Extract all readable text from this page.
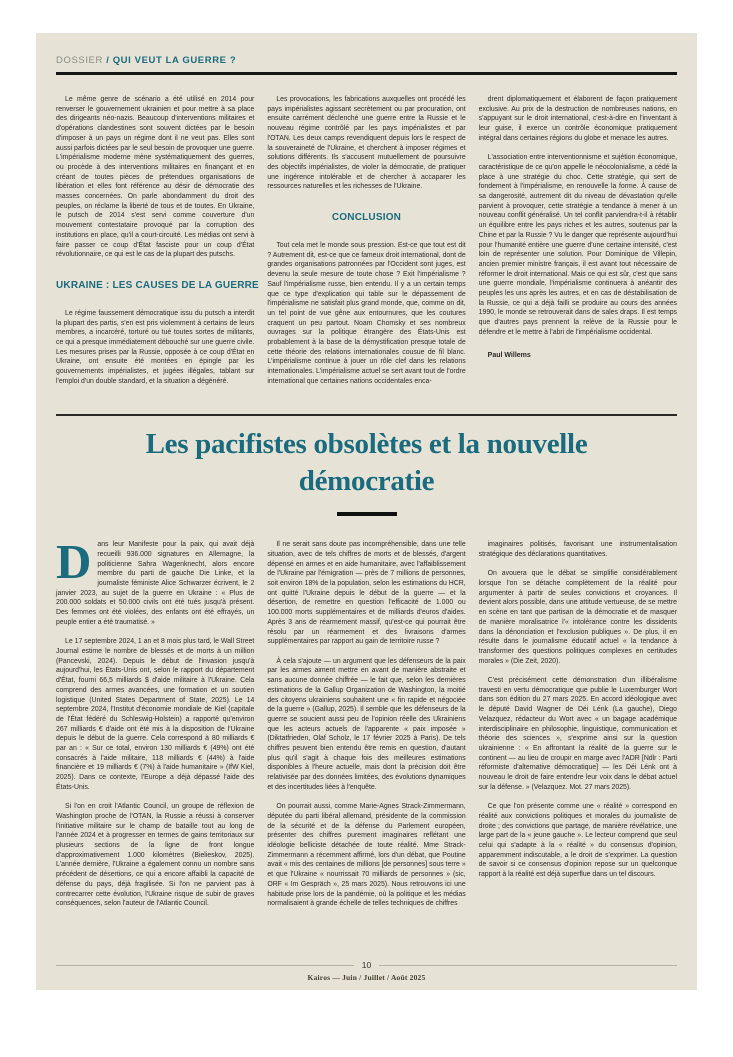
DOSSIER / QUI VEUT LA GUERRE ?

Le même genre de scénario a été utilisé en 2014 pour renverser le gouvernement ukrainien et pour mettre à sa place des dirigeants néo-nazis. Beaucoup d'interventions militaires et d'opérations clandestines sont souvent dictées par le besoin d'imposer à un pays un régime dont il ne veut pas. Elles sont aussi parfois dictées par le seul besoin de provoquer une guerre. L'impérialisme moderne mène systématiquement des guerres, ou procède à des interventions militaires en finançant et en créant de toutes pièces de prétendues organisations de libération et elles font référence au désir de démocratie des masses concernées. On parle abondamment du droit des peuples, on réclame la liberté de tous et de toutes. En Ukraine, le putsch de 2014 s'est servi comme couverture d'un mouvement contestataire provoqué par la corruption des institutions en place, qu'il a court-circuité. Les médias ont servi à faire passer ce coup d'État fasciste pour un coup d'État révolutionnaire, ce qui est le cas de la plupart des putschs.

UKRAINE : LES CAUSES DE LA GUERRE

Le régime faussement démocratique issu du putsch a interdit la plupart des partis, s'en est pris violemment à certains de leurs membres, a incarcéré, torturé ou tué toutes sortes de militants, ce qui a presque immédiatement débouché sur une guerre civile. Les mesures prises par la Russie, opposée à ce coup d'État en Ukraine, ont ensuite été montées en épingle par les gouvernements impérialistes, et jugées illégales, tablant sur l'emploi d'un double standard, et la situation a dégénéré.

Les provocations, les fabrications auxquelles ont procédé les pays impérialistes agissant secrètement ou par procuration, ont ensuite carrément déclenché une guerre entre la Russie et le nouveau régime contrôlé par les pays impérialistes et par l'OTAN. Les deux camps revendiquent depuis lors le respect de la souveraineté de l'Ukraine, et cherchent à imposer régimes et solutions différents. Ils s'accusent mutuellement de poursuivre des objectifs impérialistes, de violer la démocratie, de pratiquer une ingérence intolérable et de chercher à accaparer les ressources naturelles et les richesses de l'Ukraine.

CONCLUSION

Tout cela met le monde sous pression. Est-ce que tout est dit ? Autrement dit, est-ce que ce fameux droit international, dont de grandes organisations patronnées par l'Occident sont juges, est devenu la seule mesure de toute chose ? Exit l'impérialisme ? Sauf l'impérialisme russe, bien entendu. Il y a un certain temps que ce type d'explication qui table sur le dépassement de l'impérialisme ne satisfait plus grand monde, que, comme on dit, un tel point de vue gêne aux entournures, que les coutures craquent un peu partout. Noam Chomsky et ses nombreux ouvrages sur la politique étrangère des États-Unis est probablement à la base de la démystification presque totale de cette théorie des relations internationales cousue de fil blanc. L'impérialisme continue à jouer un rôle clef dans les relations internationales. L'impérialisme actuel se sert avant tout de l'ordre international que certaines nations occidentales enca-

drent diplomatiquement et élaborent de façon pratiquement exclusive. Au prix de la destruction de nombreuses nations, en s'appuyant sur le droit international, c'est-à-dire en l'inventant à leur guise, il exerce un contrôle économique pratiquement intégral dans certaines régions du globe et menace les autres.

L'association entre interventionnisme et sujétion économique, caractéristique de ce qu'on appelle le néocolonialisme, a cédé la place à une stratégie du choc. Cette stratégie, qui sert de fondement à l'impérialisme, en renouvelle la forme. À cause de sa dangerosité, autrement dit du niveau de dévastation qu'elle parvient à provoquer, cette stratégie a tendance à mener à un nouveau conflit généralisé. Un tel conflit parviendra-t-il à rétablir un équilibre entre les pays riches et les autres, soutenus par la Chine et par la Russie ? Vu le danger que représente aujourd'hui pour l'humanité entière une guerre d'une certaine intensité, c'est loin de représenter une solution. Pour Dominique de Villepin, ancien premier ministre français, il est avant tout nécessaire de réformer le droit international. Mais ce qui est sûr, c'est que sans une guerre mondiale, l'impérialisme continuera à anéantir des peuples les uns après les autres, et en cas de déstabilisation de la Russie, ce qui a déjà failli se produire au cours des années 1990, le monde se retrouverait dans de sales draps. Il est temps que d'autres pays prennent la relève de la Russie pour le défendre et le mettre à l'abri de l'impérialisme occidental.

Paul Willems
Les pacifistes obsolètes et la nouvelle démocratie

Dans leur Manifeste pour la paix, qui avait déjà recueilli 936.000 signatures en Allemagne, la politicienne Sahra Wagenknecht, alors encore membre du parti de gauche Die Linke, et la journaliste féministe Alice Schwarzer écrivent, le 2 janvier 2023, au sujet de la guerre en Ukraine : « Plus de 200.000 soldats et 50.000 civils ont été tués jusqu'à présent. Des femmes ont été violées, des enfants ont été effrayés, un peuple entier a été traumatisé. »

Le 17 septembre 2024, 1 an et 8 mois plus tard, le Wall Street Journal estime le nombre de blessés et de morts à un million (Pancevski, 2024). Depuis le début de l'invasion jusqu'à aujourd'hui, les États-Unis ont, selon le rapport du département d'État, fourni 66,5 milliards $ d'aide militaire à l'Ukraine. Cela comprend des armes avancées, une formation et un soutien logistique (United States Department of State, 2025). Le 14 septembre 2024, l'Institut d'économie mondiale de Kiel (capitale de l'État fédéré du Schleswig-Holstein) a rapporté qu'environ 267 milliards € d'aide ont été mis à la disposition de l'Ukraine depuis le début de la guerre. Cela correspond à 80 milliards € par an : « Sur ce total, environ 130 milliards € (49%) ont été consacrés à l'aide militaire, 118 milliards € (44%) à l'aide financière et 19 milliards € (7%) à l'aide humanitaire » (IfW Kiel, 2025). Dans ce contexte, l'Europe a déjà dépassé l'aide des États-Unis.

Si l'on en croit l'Atlantic Council, un groupe de réflexion de Washington proche de l'OTAN, la Russie a réussi à conserver l'initiative militaire sur le champ de bataille tout au long de l'année 2024 et à progresser en termes de gains territoriaux sur plusieurs sections de la ligne de front longue d'approximativement 1.000 kilomètres (Bielieskov, 2025). L'année dernière, l'Ukraine a également connu un nombre sans précédent de désertions, ce qui a encore affaibli la capacité de défense du pays, déjà fragilisée. Si l'on ne parvient pas à contrecarrer cette évolution, l'Ukraine risque de subir de graves conséquences, selon l'auteur de l'Atlantic Council.

Il ne serait sans doute pas incompréhensible, dans une telle situation, avec de tels chiffres de morts et de blessés, d'argent dépensé en armes et en aide humanitaire, avec l'affaiblissement de l'Ukraine par l'émigration — près de 7 millions de personnes, soit environ 18% de la population, selon les estimations du HCR, ont quitté l'Ukraine depuis le début de la guerre — et la désertion, de remettre en question l'efficacité de 1.000 ou 100.000 morts supplémentaires et de milliards d'euros d'aides. Après 3 ans de réarmement massif, qu'est-ce qui pourrait être résolu par un réarmement et des livraisons d'armes supplémentaires par rapport au gain de territoire russe ?

À cela s'ajoute — un argument que les défenseurs de la paix par les armes aiment mettre en avant de manière abstraite et sans aucune donnée chiffrée — le fait que, selon les dernières estimations de la Gallup Organization de Washington, la moitié des citoyens ukrainiens souhaitent une « fin rapide et négociée de la guerre » (Gallup, 2025). Il semble que les défenseurs de la guerre se soucient aussi peu de l'opinion réelle des Ukrainiens que les acteurs actuels de l'apparente « paix imposée » (Diktatfrieden, Olaf Scholz, le 17 février 2025 à Paris). De tels chiffres peuvent bien entendu être remis en question, d'autant plus qu'il s'agit à chaque fois des meilleures estimations disponibles à l'heure actuelle, mais dont la précision doit être relativisée par des données limitées, des évolutions dynamiques et des incertitudes liées à l'enquête.

On pourrait aussi, comme Marie-Agnes Strack-Zimmermann, députée du parti libéral allemand, présidente de la commission de la sécurité et de la défense du Parlement européen, présenter des chiffres purement imaginaires reflétant une idéologie belliciste détachée de toute réalité. Mme Strack-Zimmermann a récemment affirmé, lors d'un débat, que Poutine avait « mis des centaines de millions [de personnes] sous terre » et que l'Ukraine « nourrissait 70 milliards de personnes » (sic, ORF « Im Gespräch », 25 mars 2025). Nous retrouvons ici une habitude prise lors de la pandémie, où la politique et les médias normalisaient à grande échelle de telles techniques de chiffres

imaginaires politisés, favorisant une instrumentalisation stratégique des déclarations quantitatives.

On avouera que le débat se simplifie considérablement lorsque l'on se détache complètement de la réalité pour argumenter à partir de seules convictions et croyances. Il devient alors possible, dans une attitude vertueuse, de se mettre en scène en tant que partisan de la démocratie et de masquer de manière moralisatrice l'« intolérance contre les dissidents dans la dénonciation et l'exclusion publiques ». De plus, il en résulte dans le journalisme éducatif actuel « la tendance à transformer des questions politiques complexes en certitudes morales » (Die Zeit, 2020).

C'est précisément cette démonstration d'un illibéralisme travesti en vertu démocratique que publie le Luxemburger Wort dans son édition du 27 mars 2025. En accord idéologique avec le député David Wagner de Déi Lénk (La gauche), Diego Velazquez, rédacteur du Wort avec « un bagage académique interdisciplinaire en philosophie, linguistique, communication et théorie des sciences », s'exprime ainsi sur la question ukrainienne : « En affrontant la réalité de la guerre sur le continent — au lieu de croupir en marge avec l'ADR [Ndlr : Parti réformiste d'alternative démocratique] — les Déi Lénk ont à nouveau le droit de faire entendre leur voix dans le débat actuel sur la défense. » (Velazquez. Mot. 27 mars 2025).

Ce que l'on présente comme une « réalité » correspond en réalité aux convictions politiques et morales du journaliste de droite ; des convictions que partage, de manière révélatrice, une large part de la « jeune gauche ». Le lecteur comprend que seul celui qui s'adapte à la « réalité » du consensus d'opinion, apparemment indiscutable, a le droit de s'exprimer. La question de savoir si ce consensus d'opinion repose sur un quelconque rapport à la réalité est déjà superflue dans un tel discours.

10
Kairos — Juin / Juillet / Août 2025
